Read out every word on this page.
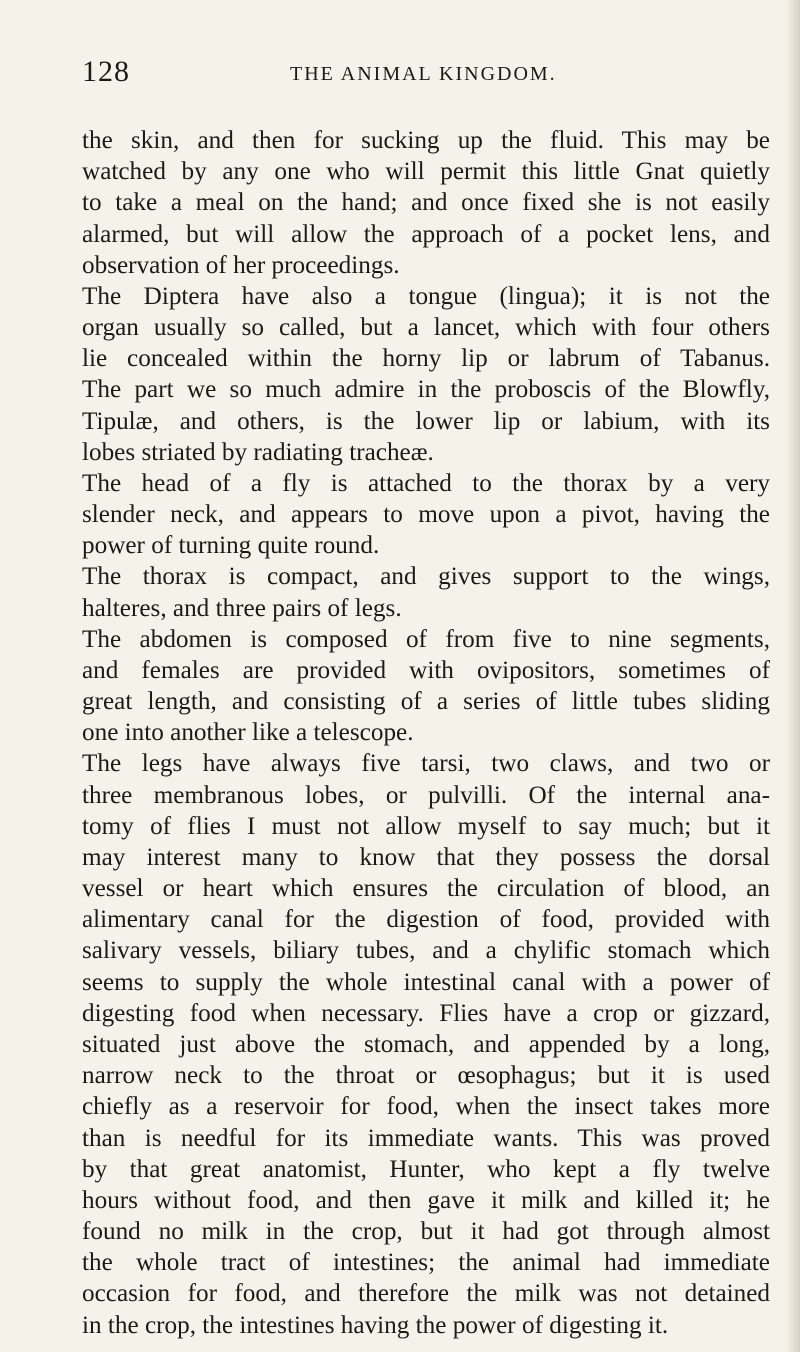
128	THE ANIMAL KINGDOM.
the skin, and then for sucking up the fluid. This may be
watched by any one who will permit this little Gnat quietly
to take a meal on the hand; and once fixed she is not easily
alarmed, but will allow the approach of a pocket lens, and
observation of her proceedings.
The Diptera have also a tongue (lingua); it is not the
organ usually so called, but a lancet, which with four others
lie concealed within the horny lip or labrum of Tabanus.
The part we so much admire in the proboscis of the Blowfly,
Tipulæ, and others, is the lower lip or labium, with its
lobes striated by radiating tracheæ.
The head of a fly is attached to the thorax by a very
slender neck, and appears to move upon a pivot, having the
power of turning quite round.
The thorax is compact, and gives support to the wings,
halteres, and three pairs of legs.
The abdomen is composed of from five to nine segments,
and females are provided with ovipositors, sometimes of
great length, and consisting of a series of little tubes sliding
one into another like a telescope.
The legs have always five tarsi, two claws, and two or
three membranous lobes, or pulvilli. Of the internal ana-
tomy of flies I must not allow myself to say much; but it
may interest many to know that they possess the dorsal
vessel or heart which ensures the circulation of blood, an
alimentary canal for the digestion of food, provided with
salivary vessels, biliary tubes, and a chylific stomach which
seems to supply the whole intestinal canal with a power of
digesting food when necessary. Flies have a crop or gizzard,
situated just above the stomach, and appended by a long,
narrow neck to the throat or œsophagus; but it is used
chiefly as a reservoir for food, when the insect takes more
than is needful for its immediate wants. This was proved
by that great anatomist, Hunter, who kept a fly twelve
hours without food, and then gave it milk and killed it; he
found no milk in the crop, but it had got through almost
the whole tract of intestines; the animal had immediate
occasion for food, and therefore the milk was not detained
in the crop, the intestines having the power of digesting it.
